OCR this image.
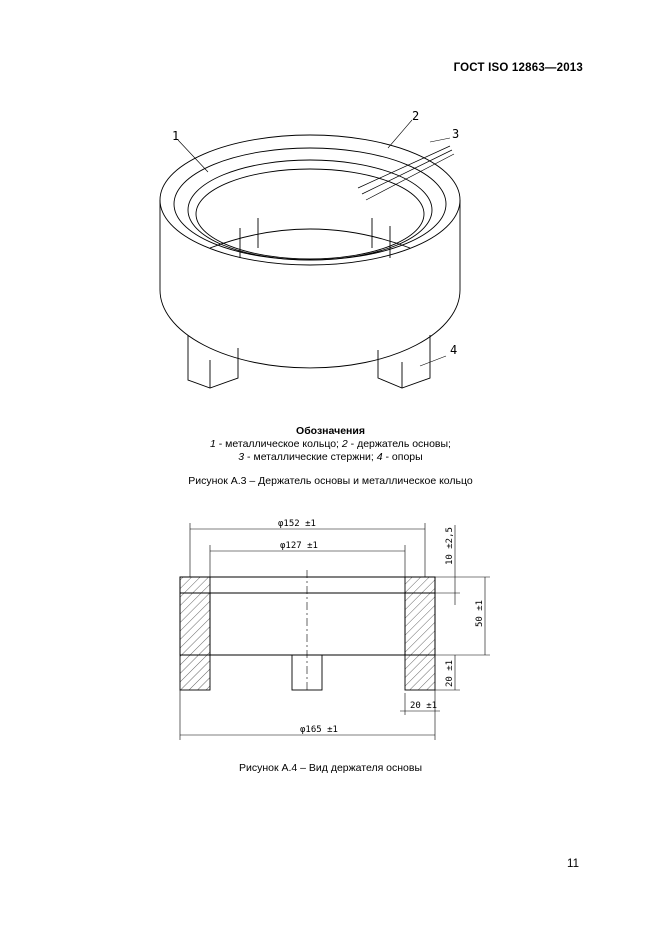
ГОСТ ISO 12863—2013
1
2
3
4
Обозначения
1 - металлическое кольцо; 2 - держатель основы;
3 - металлические стержни; 4 - опоры
Рисунок А.3 – Держатель основы и металлическое кольцо
φ152 ±1
φ127 ±1
φ165 ±1
20 ±1
10 ±2,5
50 ±1
20 ±1
Рисунок А.4 – Вид держателя основы
11
